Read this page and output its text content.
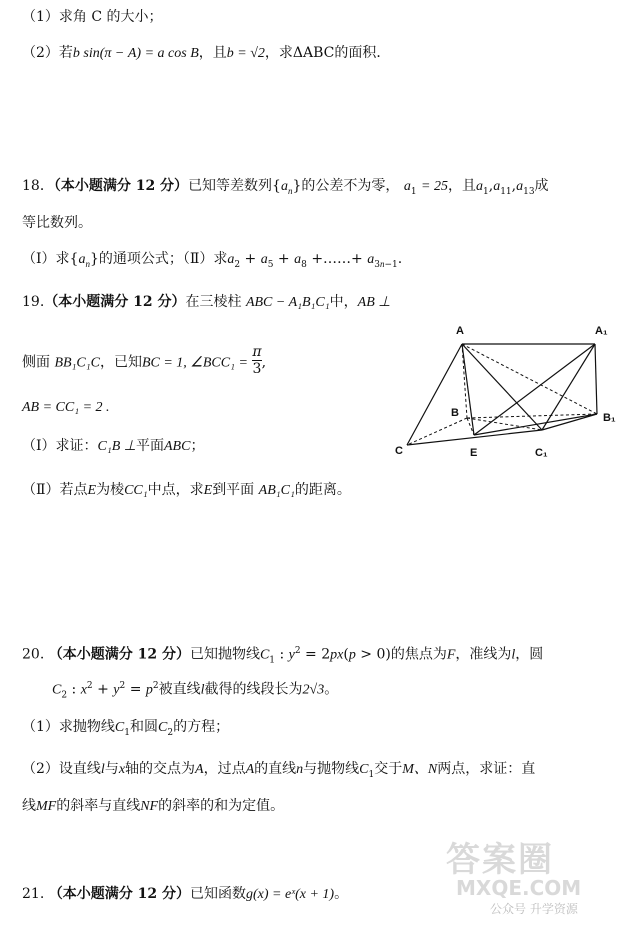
（1）求角 C 的大小；
（2）若b sin(π − A) = a cos B，且b = √2，求ΔABC的面积．
18．（本小题满分 12 分）已知等差数列$\{a_n\}$的公差不为零， $a_1 = 25$，且$a_1,a_{11},a_{13}$成
等比数列。
（Ⅰ）求$\{a_n\}$的通项公式；（Ⅱ）求$a_2 + a_5 + a_8$ +……+ $a_{3n-1}$.
19.（本小题满分 12 分）在三棱柱 ABC − A₁B₁C₁中，AB ⊥
侧面 BB₁C₁C，已知BC = 1, ∠BCC₁ = $\frac{\pi}{3}$ ,
AB = CC₁ = 2 .
（Ⅰ）求证：C₁B ⊥平面ABC；
（Ⅱ）若点E为棱CC₁中点，求E到平面 AB₁C₁的距离。
A	A₁
B	B₁
C	E	C₁
20. （本小题满分 12 分）已知抛物线$C_1$ : $y^2 = 2px(p > 0)$的焦点为F，准线为l，圆
$C_2$ : $x^2 + y^2 = p^2$被直线l截得的线段长为2√3。
（1）求抛物线$C_1$和圆$C_2$的方程；
（2）设直线l与x轴的交点为A，过点A的直线n与抛物线$C_1$交于M、N两点，求证：直
线MF的斜率与直线NF的斜率的和为定值。
21. （本小题满分 12 分）已知函数g(x) = eˣ(x + 1)。
答案圈
MXQE.COM
公众号 升学资源
